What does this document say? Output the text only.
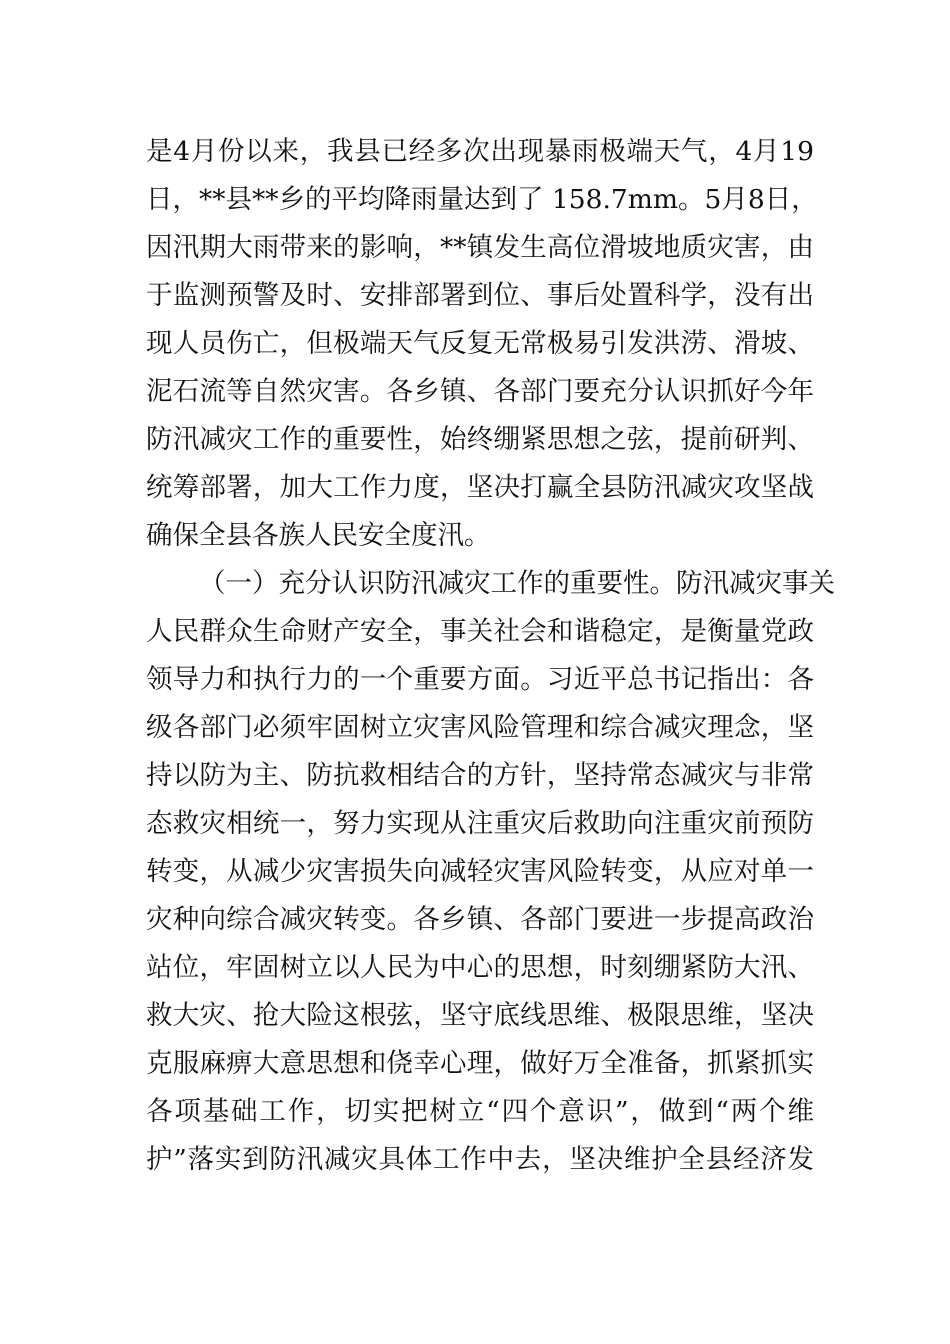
是4月份以来，我县已经多次出现暴雨极端天气，4月19
日，**县**乡的平均降雨量达到了 158.7mm。5月8日，
因汛期大雨带来的影响，**镇发生高位滑坡地质灾害，由
于监测预警及时、安排部署到位、事后处置科学，没有出
现人员伤亡，但极端天气反复无常极易引发洪涝、滑坡、
泥石流等自然灾害。各乡镇、各部门要充分认识抓好今年
防汛减灾工作的重要性，始终绷紧思想之弦，提前研判、
统筹部署，加大工作力度，坚决打赢全县防汛减灾攻坚战
确保全县各族人民安全度汛。
（一）充分认识防汛减灾工作的重要性。防汛减灾事关
人民群众生命财产安全，事关社会和谐稳定，是衡量党政
领导力和执行力的一个重要方面。习近平总书记指出：各
级各部门必须牢固树立灾害风险管理和综合减灾理念，坚
持以防为主、防抗救相结合的方针，坚持常态减灾与非常
态救灾相统一，努力实现从注重灾后救助向注重灾前预防
转变，从减少灾害损失向减轻灾害风险转变，从应对单一
灾种向综合减灾转变。各乡镇、各部门要进一步提高政治
站位，牢固树立以人民为中心的思想，时刻绷紧防大汛、
救大灾、抢大险这根弦，坚守底线思维、极限思维，坚决
克服麻痹大意思想和侥幸心理，做好万全准备，抓紧抓实
各项基础工作，切实把树立“四个意识”，做到“两个维
护”落实到防汛减灾具体工作中去，坚决维护全县经济发
